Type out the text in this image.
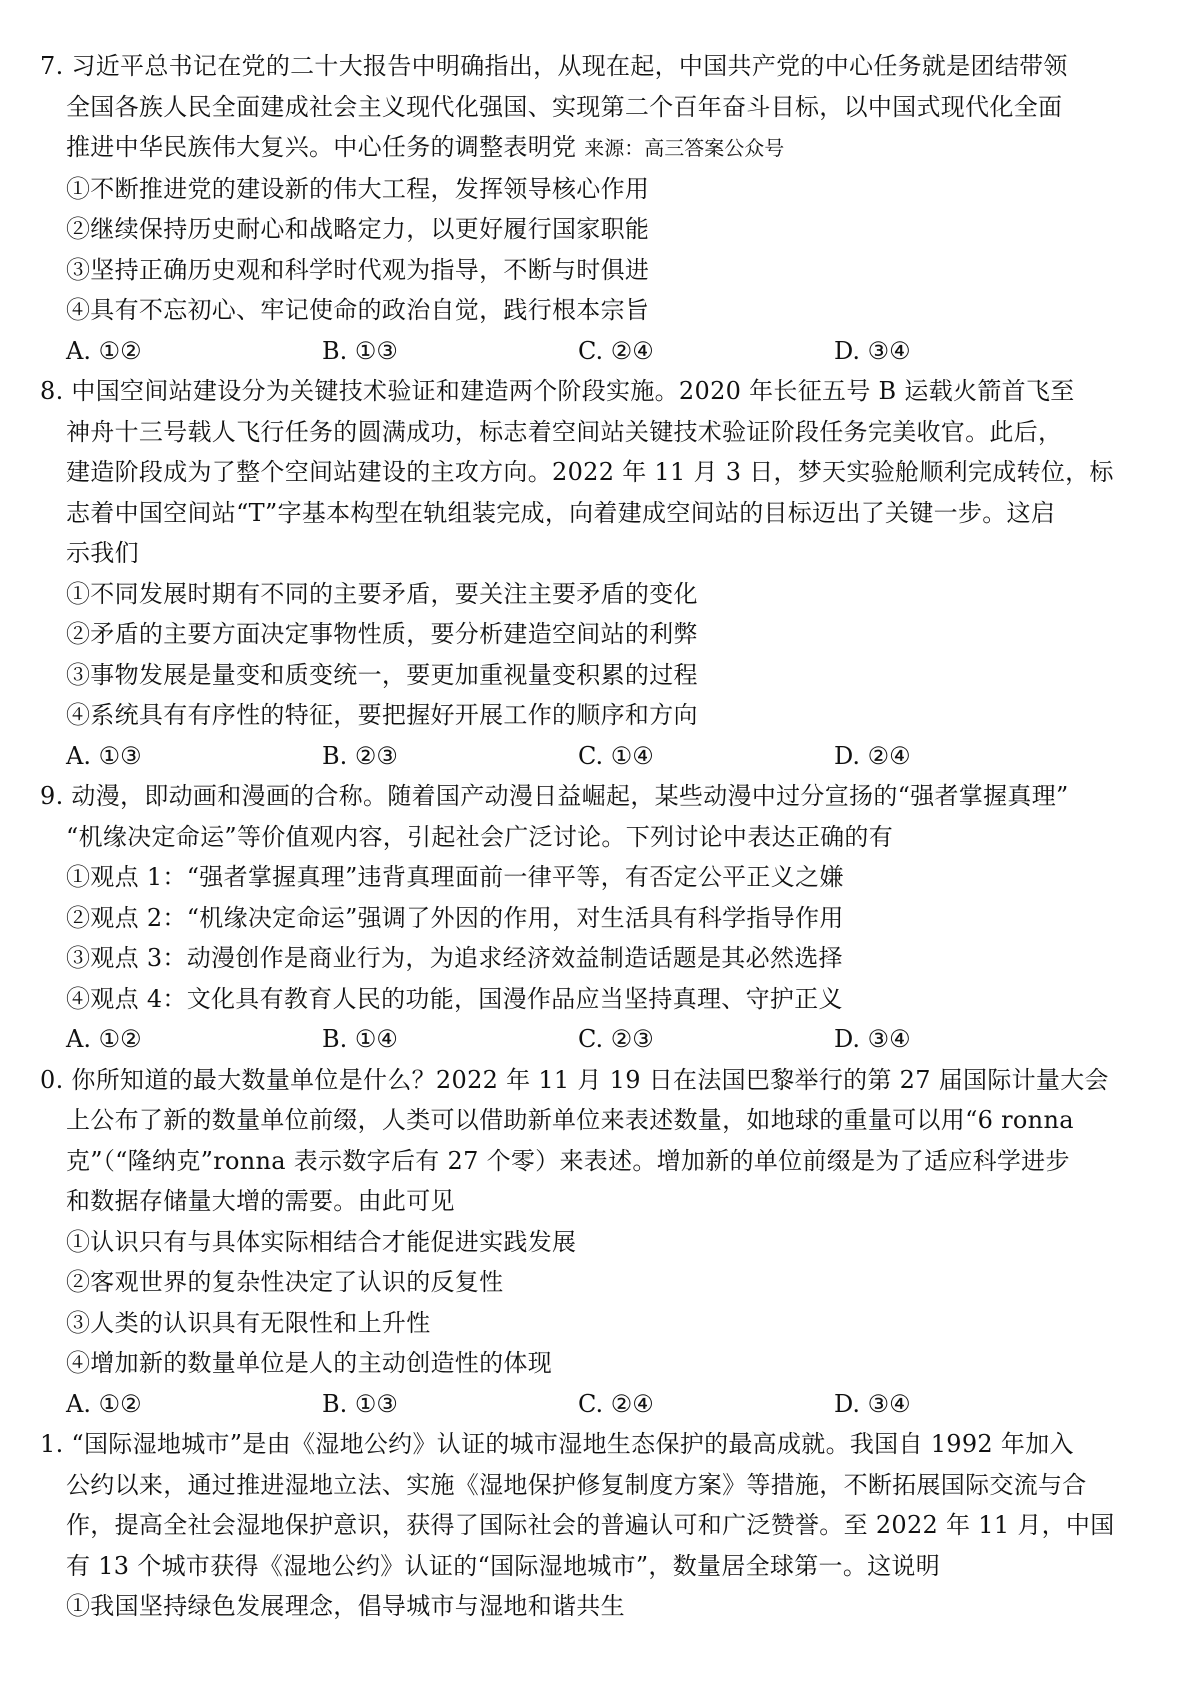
7. 习近平总书记在党的二十大报告中明确指出，从现在起，中国共产党的中心任务就是团结带领
全国各族人民全面建成社会主义现代化强国、实现第二个百年奋斗目标，以中国式现代化全面
推进中华民族伟大复兴。中心任务的调整表明党 来源：高三答案公众号
①不断推进党的建设新的伟大工程，发挥领导核心作用
②继续保持历史耐心和战略定力，以更好履行国家职能
③坚持正确历史观和科学时代观为指导，不断与时俱进
④具有不忘初心、牢记使命的政治自觉，践行根本宗旨
A. ①②	B. ①③	C. ②④	D. ③④
8. 中国空间站建设分为关键技术验证和建造两个阶段实施。2020 年长征五号 B 运载火箭首飞至
神舟十三号载人飞行任务的圆满成功，标志着空间站关键技术验证阶段任务完美收官。此后，
建造阶段成为了整个空间站建设的主攻方向。2022 年 11 月 3 日，梦天实验舱顺利完成转位，标
志着中国空间站“T”字基本构型在轨组装完成，向着建成空间站的目标迈出了关键一步。这启
示我们
①不同发展时期有不同的主要矛盾，要关注主要矛盾的变化
②矛盾的主要方面决定事物性质，要分析建造空间站的利弊
③事物发展是量变和质变统一，要更加重视量变积累的过程
④系统具有有序性的特征，要把握好开展工作的顺序和方向
A. ①③	B. ②③	C. ①④	D. ②④
9. 动漫，即动画和漫画的合称。随着国产动漫日益崛起，某些动漫中过分宣扬的“强者掌握真理”
“机缘决定命运”等价值观内容，引起社会广泛讨论。下列讨论中表达正确的有
①观点 1：“强者掌握真理”违背真理面前一律平等，有否定公平正义之嫌
②观点 2：“机缘决定命运”强调了外因的作用，对生活具有科学指导作用
③观点 3：动漫创作是商业行为，为追求经济效益制造话题是其必然选择
④观点 4：文化具有教育人民的功能，国漫作品应当坚持真理、守护正义
A. ①②	B. ①④	C. ②③	D. ③④
0. 你所知道的最大数量单位是什么？2022 年 11 月 19 日在法国巴黎举行的第 27 届国际计量大会
上公布了新的数量单位前缀，人类可以借助新单位来表述数量，如地球的重量可以用“6 ronna
克”（“隆纳克”ronna 表示数字后有 27 个零）来表述。增加新的单位前缀是为了适应科学进步
和数据存储量大增的需要。由此可见
①认识只有与具体实际相结合才能促进实践发展
②客观世界的复杂性决定了认识的反复性
③人类的认识具有无限性和上升性
④增加新的数量单位是人的主动创造性的体现
A. ①②	B. ①③	C. ②④	D. ③④
1. “国际湿地城市”是由《湿地公约》认证的城市湿地生态保护的最高成就。我国自 1992 年加入
公约以来，通过推进湿地立法、实施《湿地保护修复制度方案》等措施，不断拓展国际交流与合
作，提高全社会湿地保护意识，获得了国际社会的普遍认可和广泛赞誉。至 2022 年 11 月，中国
有 13 个城市获得《湿地公约》认证的“国际湿地城市”，数量居全球第一。这说明
①我国坚持绿色发展理念，倡导城市与湿地和谐共生
